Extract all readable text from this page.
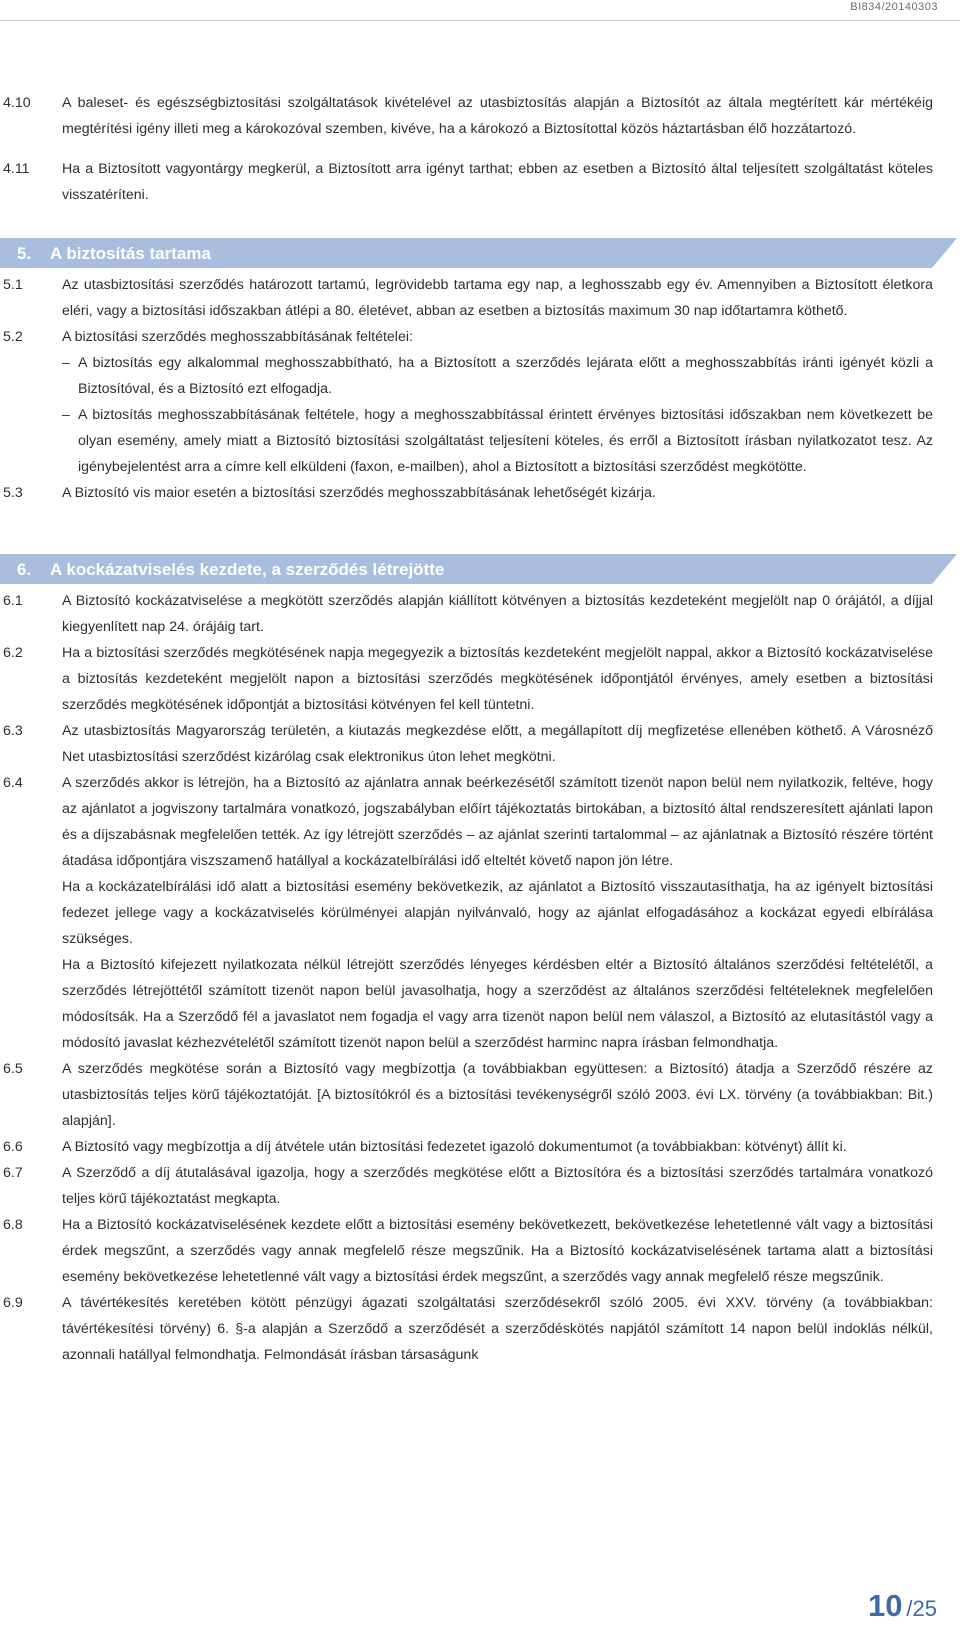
BI834/20140303
4.10	A baleset- és egészségbiztosítási szolgáltatások kivételével az utasbiztosítás alapján a Biztosítót az általa megtérített kár mértékéig megtérítési igény illeti meg a károkozóval szemben, kivéve, ha a károkozó a Biztosítottal közös háztartásban élő hozzátartozó.
4.11	Ha a Biztosított vagyontárgy megkerül, a Biztosított arra igényt tarthat; ebben az esetben a Biztosító által teljesített szolgáltatást köteles visszatéríteni.
5. A biztosítás tartama
5.1	Az utasbiztosítási szerződés határozott tartamú, legrövidebb tartama egy nap, a leghosszabb egy év. Amennyiben a Biztosított életkora eléri, vagy a biztosítási időszakban átlépi a 80. életévet, abban az esetben a biztosítás maximum 30 nap időtartamra köthető.
5.2	A biztosítási szerződés meghosszabbításának feltételei:
– A biztosítás egy alkalommal meghosszabbítható, ha a Biztosított a szerződés lejárata előtt a meghosszabbítás iránti igényét közli a Biztosítóval, és a Biztosító ezt elfogadja.
– A biztosítás meghosszabbításának feltétele, hogy a meghosszabbítással érintett érvényes biztosítási időszakban nem következett be olyan esemény, amely miatt a Biztosító biztosítási szolgáltatást teljesíteni köteles, és erről a Biztosított írásban nyilatkozatot tesz. Az igénybejelentést arra a címre kell elküldeni (faxon, e-mailben), ahol a Biztosított a biztosítási szerződést megkötötte.
5.3	A Biztosító vis maior esetén a biztosítási szerződés meghosszabbításának lehetőségét kizárja.
6. A kockázatviselés kezdete, a szerződés létrejötte
6.1	A Biztosító kockázatviselése a megkötött szerződés alapján kiállított kötvényen a biztosítás kezdeteként megjelölt nap 0 órájától, a díjjal kiegyenlített nap 24. órájáig tart.
6.2	Ha a biztosítási szerződés megkötésének napja megegyezik a biztosítás kezdeteként megjelölt nappal, akkor a Biztosító kockázatviselése a biztosítás kezdeteként megjelölt napon a biztosítási szerződés megkötésének időpontjától érvényes, amely esetben a biztosítási szerződés megkötésének időpontját a biztosítási kötvényen fel kell tüntetni.
6.3	Az utasbiztosítás Magyarország területén, a kiutazás megkezdése előtt, a megállapított díj megfizetése ellenében köthető. A Városnéző Net utasbiztosítási szerződést kizárólag csak elektronikus úton lehet megkötni.
6.4	A szerződés akkor is létrejön, ha a Biztosító az ajánlatra annak beérkezésétől számított tizenöt napon belül nem nyilatkozik, feltéve, hogy az ajánlatot a jogviszony tartalmára vonatkozó, jogszabályban előírt tájékoztatás birtokában, a biztosító által rendszeresített ajánlati lapon és a díjszabásnak megfelelően tették. Az így létrejött szerződés – az ajánlat szerinti tartalommal – az ajánlatnak a Biztosító részére történt átadása időpontjára viszszamenő hatállyal a kockázatelbírálási idő elteltét követő napon jön létre.
Ha a kockázatelbírálási idő alatt a biztosítási esemény bekövetkezik, az ajánlatot a Biztosító visszautasíthatja, ha az igényelt biztosítási fedezet jellege vagy a kockázatviselés körülményei alapján nyilvánvaló, hogy az ajánlat elfogadásához a kockázat egyedi elbírálása szükséges.
Ha a Biztosító kifejezett nyilatkozata nélkül létrejött szerződés lényeges kérdésben eltér a Biztosító általános szerződési feltételétől, a szerződés létrejöttétől számított tizenöt napon belül javasolhatja, hogy a szerződést az általános szerződési feltételeknek megfelelően módosítsák. Ha a Szerződő fél a javaslatot nem fogadja el vagy arra tizenöt napon belül nem válaszol, a Biztosító az elutasítástól vagy a módosító javaslat kézhezvételétől számított tizenöt napon belül a szerződést harminc napra írásban felmondhatja.
6.5	A szerződés megkötése során a Biztosító vagy megbízottja (a továbbiakban együttesen: a Biztosító) átadja a Szerződő részére az utasbiztosítás teljes körű tájékoztatóját. [A biztosítókról és a biztosítási tevékenységről szóló 2003. évi LX. törvény (a továbbiakban: Bit.) alapján].
6.6	A Biztosító vagy megbízottja a díj átvétele után biztosítási fedezetet igazoló dokumentumot (a továbbiakban: kötvényt) állít ki.
6.7	A Szerződő a díj átutalásával igazolja, hogy a szerződés megkötése előtt a Biztosítóra és a biztosítási szerződés tartalmára vonatkozó teljes körű tájékoztatást megkapta.
6.8	Ha a Biztosító kockázatviselésének kezdete előtt a biztosítási esemény bekövetkezett, bekövetkezése lehetetlenné vált vagy a biztosítási érdek megszűnt, a szerződés vagy annak megfelelő része megszűnik. Ha a Biztosító kockázatviselésének tartama alatt a biztosítási esemény bekövetkezése lehetetlenné vált vagy a biztosítási érdek megszűnt, a szerződés vagy annak megfelelő része megszűnik.
6.9	A távértékesítés keretében kötött pénzügyi ágazati szolgáltatási szerződésekről szóló 2005. évi XXV. törvény (a továbbiakban: távértékesítési törvény) 6. §-a alapján a Szerződő a szerződését a szerződéskötés napjától számított 14 napon belül indoklás nélkül, azonnali hatállyal felmondhatja. Felmondását írásban társaságunk
10 /25
